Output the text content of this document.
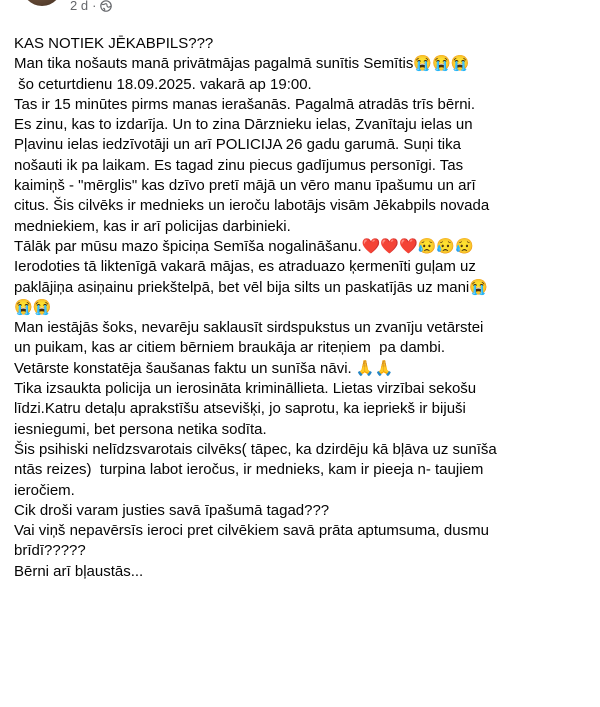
2 d ·
KAS NOTIEK JĒKABPILS???
Man tika nošauts manā privātmājas pagalmā sunītis Semītis😭😭😭
šo ceturtdienu 18.09.2025. vakarā ap 19:00.
Tas ir 15 minūtes pirms manas ierašanās. Pagalmā atradās trīs bērni.
Es zinu, kas to izdarīja. Un to zina Dārznieku ielas, Zvanītaju ielas un
Pļavinu ielas iedzīvotāji un arī POLICIJA 26 gadu garumā. Suņi tika
nošauti ik pa laikam. Es tagad zinu piecus gadījumus personīgi. Tas
kaimiņš - "mērglis" kas dzīvo pretī mājā un vēro manu īpašumu un arī
citus. Šis cilvēks ir mednieks un ieroču labotājs visām Jēkabpils novada
medniekiem, kas ir arī policijas darbinieki.
Tālāk par mūsu mazo špiciņa Semīša nogalināšanu.❤️❤️❤️😥😥😥
Ierodoties tā liktenīgā vakarā mājas, es atraduazo ķermenīti guļam uz
paklājiņa asiņainu priekštelpā, bet vēl bija silts un paskatījās uz mani😭
😭😭
Man iestājās šoks, nevarēju saklausīt sirdspukstus un zvanīju vetārstei
un puikam, kas ar citiem bērniem braukāja ar riteņiem  pa dambi.
Vetārste konstatēja šaušanas faktu un sunīša nāvi. 🙏🙏
Tika izsaukta policija un ierosināta krimināllieta. Lietas virzībai sekošu
līdzi.Katru detaļu aprakstīšu atsevišķi, jo saprotu, ka iepriekš ir bijuši
iesniegumi, bet persona netika sodīta.
Šis psihiski nelīdzsvarotais cilvēks( tāpec, ka dzirdēju kā bļāva uz sunīša
ntās reizes)  turpina labot ieročus, ir mednieks, kam ir pieeja n- taujiem
ieročiem.
Cik droši varam justies savā īpašumā tagad???
Vai viņš nepavērsīs ieroci pret cilvēkiem savā prāta aptumsuma, dusmu
brīdī?????
Bērni arī bļaustās...
